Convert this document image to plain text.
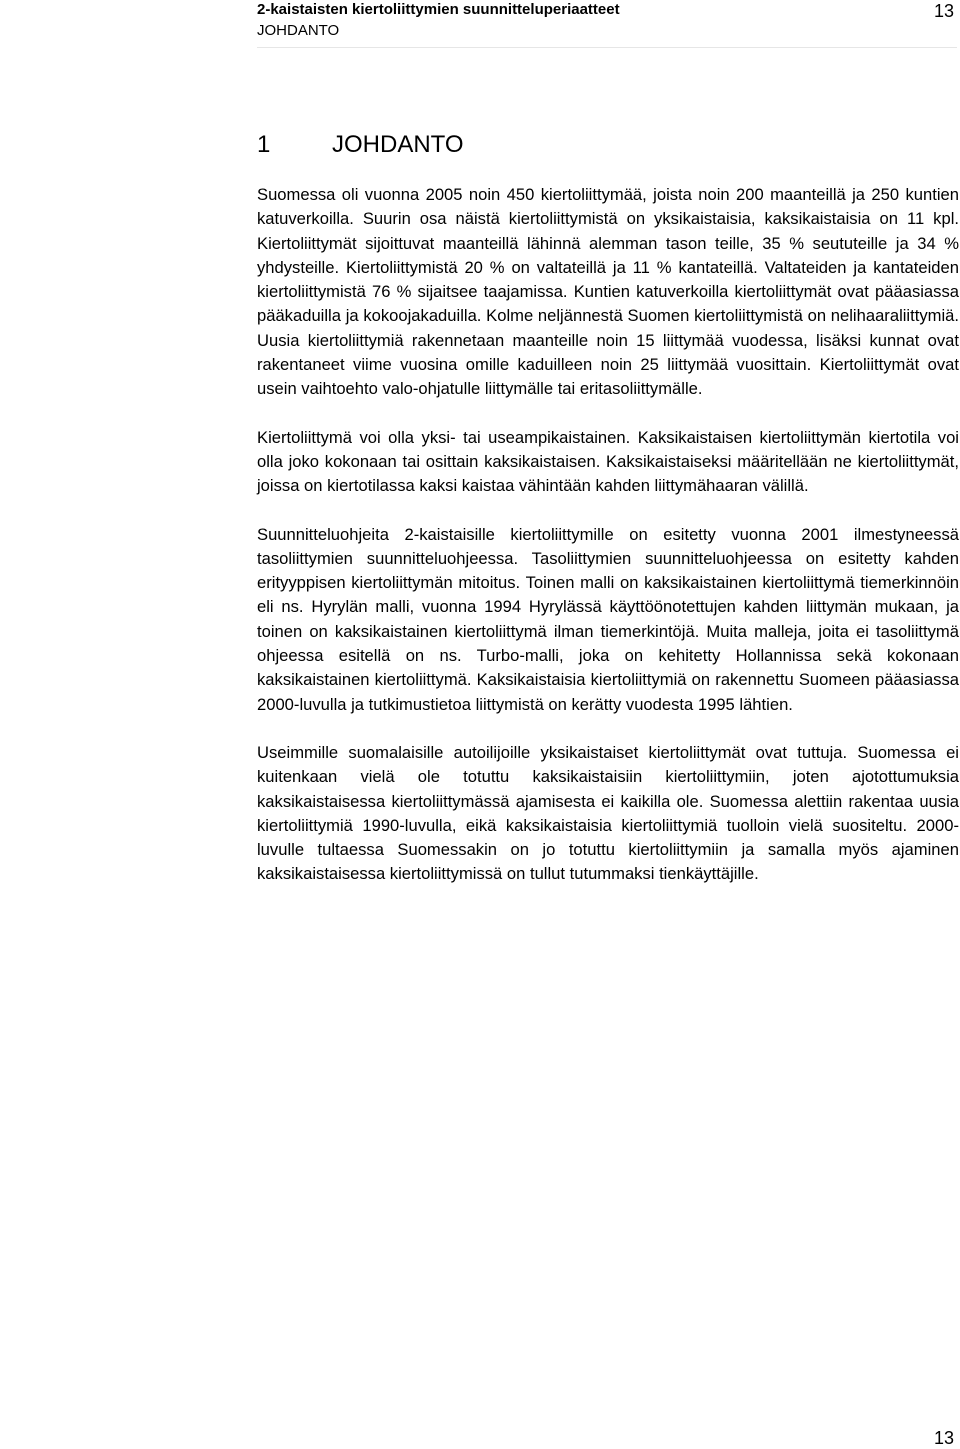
2-kaistaisten kiertoliittymien suunnitteluperiaatteet
JOHDANTO
13
1	JOHDANTO

Suomessa oli vuonna 2005 noin 450 kiertoliittymää, joista noin 200 maanteillä ja 250 kuntien katuverkoilla. Suurin osa näistä kiertoliittymistä on yksikaistaisia, kaksikaistaisia on 11 kpl. Kiertoliittymät sijoittuvat maanteillä lähinnä alemman tason teille, 35 % seututeille ja 34 % yhdysteille. Kiertoliittymistä 20 % on valtateillä ja 11 % kantateillä. Valtateiden ja kantateiden kiertoliittymistä 76 % sijaitsee taajamissa. Kuntien katuverkoilla kiertoliittymät ovat pääasiassa pääkaduilla ja kokoojakaduilla. Kolme neljännestä Suomen kiertoliittymistä on nelihaaraliittymiä. Uusia kiertoliittymiä rakennetaan maanteille noin 15 liittymää vuodessa, lisäksi kunnat ovat rakentaneet viime vuosina omille kaduilleen noin 25 liittymää vuosittain. Kiertoliittymät ovat usein vaihtoehto valo-ohjatulle liittymälle tai eritasoliittymälle.

Kiertoliittymä voi olla yksi- tai useampikaistainen. Kaksikaistaisen kiertoliittymän kiertotila voi olla joko kokonaan tai osittain kaksikaistaisen. Kaksikaistaiseksi määritellään ne kiertoliittymät, joissa on kiertotilassa kaksi kaistaa vähintään kahden liittymähaaran välillä.

Suunnitteluohjeita 2-kaistaisille kiertoliittymille on esitetty vuonna 2001 ilmestyneessä tasoliittymien suunnitteluohjeessa. Tasoliittymien suunnitteluohjeessa on esitetty kahden erityyppisen kiertoliittymän mitoitus. Toinen malli on kaksikaistainen kiertoliittymä tiemerkinnöin eli ns. Hyrylän malli, vuonna 1994 Hyrylässä käyttöönotettujen kahden liittymän mukaan, ja toinen on kaksikaistainen kiertoliittymä ilman tiemerkintöjä. Muita malleja, joita ei tasoliittymä ohjeessa esitellä on ns. Turbo-malli, joka on kehitetty Hollannissa sekä kokonaan kaksikaistainen kiertoliittymä. Kaksikaistaisia kiertoliittymiä on rakennettu Suomeen pääasiassa 2000-luvulla ja tutkimustietoa liittymistä on kerätty vuodesta 1995 lähtien.

Useimmille suomalaisille autoilijoille yksikaistaiset kiertoliittymät ovat tuttuja. Suomessa ei kuitenkaan vielä ole totuttu kaksikaistaisiin kiertoliittymiin, joten ajotottumuksia kaksikaistaisessa kiertoliittymässä ajamisesta ei kaikilla ole. Suomessa alettiin rakentaa uusia kiertoliittymiä 1990-luvulla, eikä kaksikaistaisia kiertoliittymiä tuolloin vielä suositeltu. 2000-luvulle tultaessa Suomessakin on jo totuttu kiertoliittymiin ja samalla myös ajaminen kaksikaistaisessa kiertoliittymissä on tullut tutummaksi tienkäyttäjille.

13
